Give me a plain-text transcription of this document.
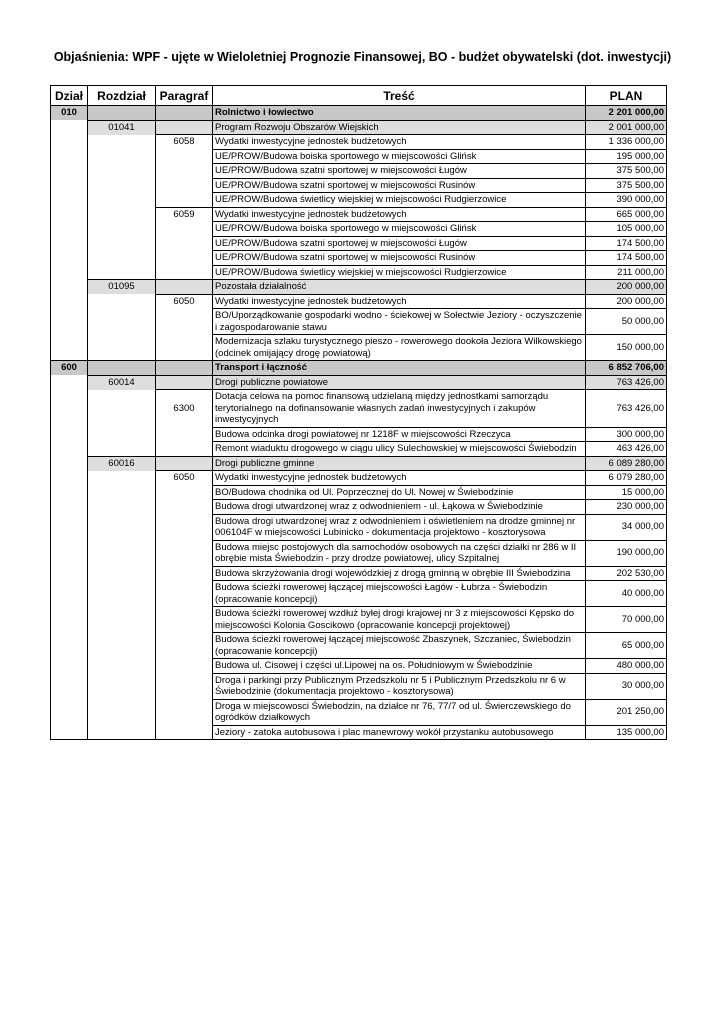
Objaśnienia: WPF - ujęte w Wieloletniej Prognozie Finansowej, BO - budżet obywatelski (dot. inwestycji)
Dział	Rozdział	Paragraf	Treść	PLAN
010			Rolnictwo i łowiectwo	2 201 000,00
	01041		Program Rozwoju Obszarów Wiejskich	2 001 000,00
		6058	Wydatki inwestycyjne jednostek budżetowych	1 336 000,00
			UE/PROW/Budowa boiska sportowego w miejscowości Glińsk	195 000,00
			UE/PROW/Budowa szatni sportowej w miejscowości Ługów	375 500,00
			UE/PROW/Budowa szatni sportowej w miejscowości Rusinów	375 500,00
			UE/PROW/Budowa świetlicy wiejskiej w miejscowości Rudgierzowice	390 000,00
		6059	Wydatki inwestycyjne jednostek budżetowych	665 000,00
			UE/PROW/Budowa boiska sportowego w miejscowości Glińsk	105 000,00
			UE/PROW/Budowa szatni sportowej w miejscowości Ługów	174 500,00
			UE/PROW/Budowa szatni sportowej w miejscowości Rusinów	174 500,00
			UE/PROW/Budowa świetlicy wiejskiej w miejscowości Rudgierzowice	211 000,00
	01095		Pozostała działalność	200 000,00
		6050	Wydatki inwestycyjne jednostek budżetowych	200 000,00
			BO/Uporządkowanie gospodarki wodno - ściekowej w Sołectwie Jeziory - oczyszczenie i zagospodarowanie stawu	50 000,00
			Modernizacja szlaku turystycznego pieszo - rowerowego dookoła Jeziora Wilkowskiego (odcinek omijający drogę powiatową)	150 000,00
600			Transport i łączność	6 852 706,00
	60014		Drogi publiczne powiatowe	763 426,00
		6300	Dotacja celowa na pomoc finansową udzielaną między jednostkami samorządu terytorialnego na dofinansowanie własnych zadań inwestycyjnych i zakupów inwestycyjnych	763 426,00
			Budowa odcinka drogi powiatowej nr 1218F w miejscowości Rzeczyca	300 000,00
			Remont wiaduktu drogowego w ciągu ulicy Sulechowskiej w miejscowości Świebodzin	463 426,00
	60016		Drogi publiczne gminne	6 089 280,00
		6050	Wydatki inwestycyjne jednostek budżetowych	6 079 280,00
			BO/Budowa chodnika od Ul. Poprzecznej do Ul. Nowej w Świebodzinie	15 000,00
			Budowa drogi utwardzonej wraz z odwodnieniem - ul. Łąkowa w Świebodzinie	230 000,00
			Budowa drogi utwardzonej wraz z odwodnieniem i oświetleniem na drodze gminnej nr 006104F w miejscowości Lubinicko - dokumentacja projektowo - kosztorysowa	34 000,00
			Budowa miejsc postojowych dla samochodów osobowych na części działki nr 286 w II obrębie mista Świebodzin - przy drodze powiatowej, ulicy Szpitalnej	190 000,00
			Budowa skrzyżowania drogi wojewódzkiej z drogą gminną w obrębie III Świebodzina	202 530,00
			Budowa ścieżki rowerowej łączącej miejscowości Łagów - Łubrza - Świebodzin (opracowanie koncepcji)	40 000,00
			Budowa ścieżki rowerowej wzdłuż byłej drogi krajowej nr 3 z miejscowości Kępsko do miejscowości Kolonia Goscikowo (opracowanie koncepcji projektowej)	70 000,00
			Budowa ścieżki rowerowej łączącej miejscowość Zbaszynek, Szczaniec, Świebodzin (opracowanie koncepcji)	65 000,00
			Budowa ul. Cisowej i części ul.Lipowej na os. Południowym w Świebodzinie	480 000,00
			Droga i parkingi przy Publicznym Przedszkolu nr 5 i Publicznym Przedszkolu nr 6 w Świebodzinie (dokumentacja projektowo - kosztorysowa)	30 000,00
			Droga w miejscowosci Świebodzin, na działce nr 76, 77/7 od ul. Świerczewskiego do ogródków działkowych	201 250,00
			Jeziory - zatoka autobusowa i plac manewrowy wokół przystanku autobusowego	135 000,00
